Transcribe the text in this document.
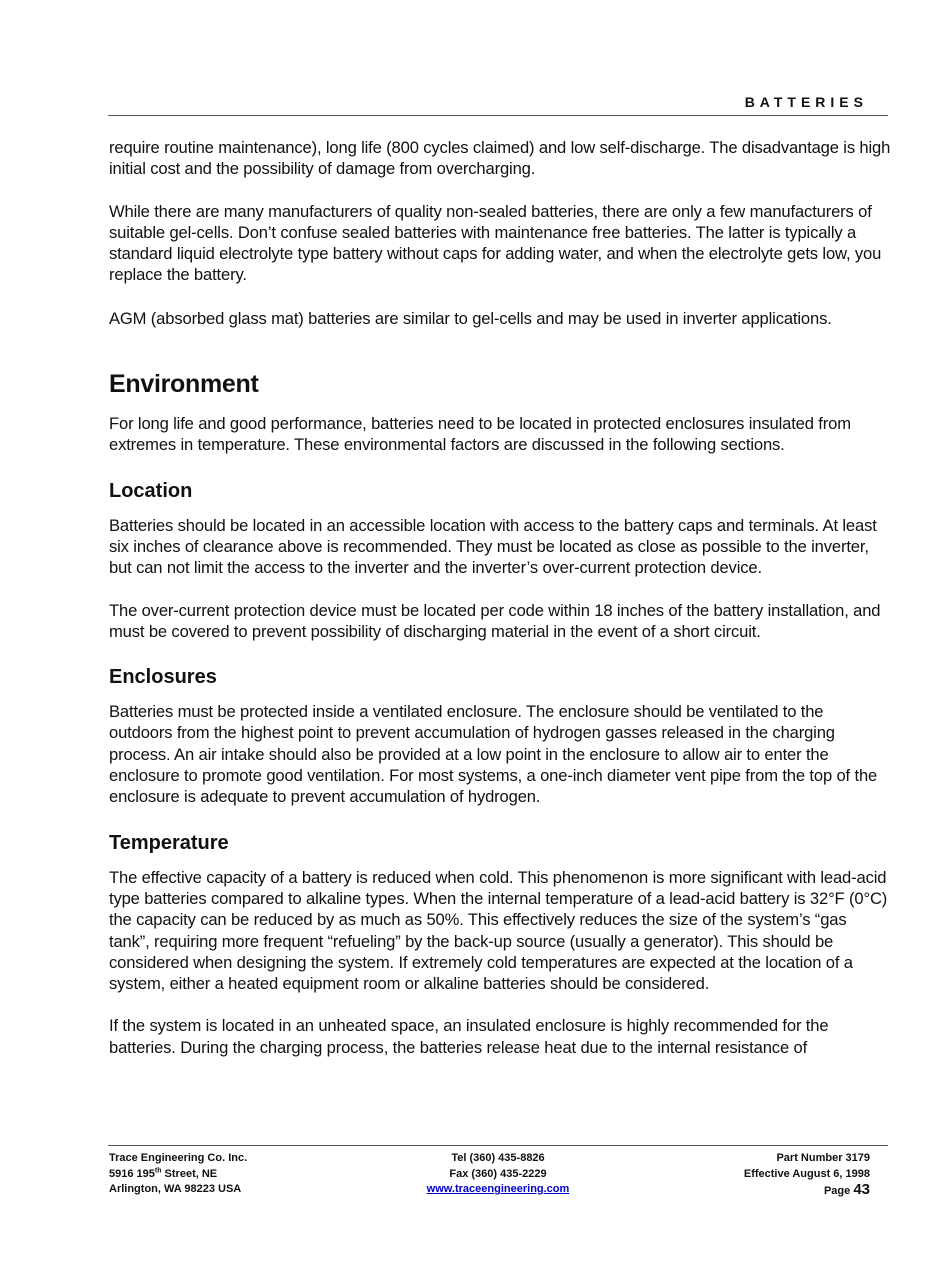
BATTERIES

require routine maintenance), long life (800 cycles claimed) and low self-discharge. The disadvantage is high initial cost and the possibility of damage from overcharging.

While there are many manufacturers of quality non-sealed batteries, there are only a few manufacturers of suitable gel-cells. Don’t confuse sealed batteries with maintenance free batteries. The latter is typically a standard liquid electrolyte type battery without caps for adding water, and when the electrolyte gets low, you replace the battery.

AGM (absorbed glass mat) batteries are similar to gel-cells and may be used in inverter applications.

Environment

For long life and good performance, batteries need to be located in protected enclosures insulated from extremes in temperature. These environmental factors are discussed in the following sections.

Location

Batteries should be located in an accessible location with access to the battery caps and terminals. At least six inches of clearance above is recommended. They must be located as close as possible to the inverter, but can not limit the access to the inverter and the inverter’s over-current protection device.

The over-current protection device must be located per code within 18 inches of the battery installation, and must be covered to prevent possibility of discharging material in the event of a short circuit.

Enclosures

Batteries must be protected inside a ventilated enclosure. The enclosure should be ventilated to the outdoors from the highest point to prevent accumulation of hydrogen gasses released in the charging process. An air intake should also be provided at a low point in the enclosure to allow air to enter the enclosure to promote good ventilation. For most systems, a one-inch diameter vent pipe from the top of the enclosure is adequate to prevent accumulation of hydrogen.

Temperature

The effective capacity of a battery is reduced when cold. This phenomenon is more significant with lead-acid type batteries compared to alkaline types. When the internal temperature of a lead-acid battery is 32°F (0°C) the capacity can be reduced by as much as 50%. This effectively reduces the size of the system’s “gas tank”, requiring more frequent “refueling” by the back-up source (usually a generator). This should be considered when designing the system. If extremely cold temperatures are expected at the location of a system, either a heated equipment room or alkaline batteries should be considered.

If the system is located in an unheated space, an insulated enclosure is highly recommended for the batteries. During the charging process, the batteries release heat due to the internal resistance of

Trace Engineering Co. Inc.
5916 195th Street, NE
Arlington, WA 98223 USA
Tel (360) 435-8826
Fax (360) 435-2229
www.traceengineering.com
Part Number 3179
Effective August 6, 1998
Page 43
